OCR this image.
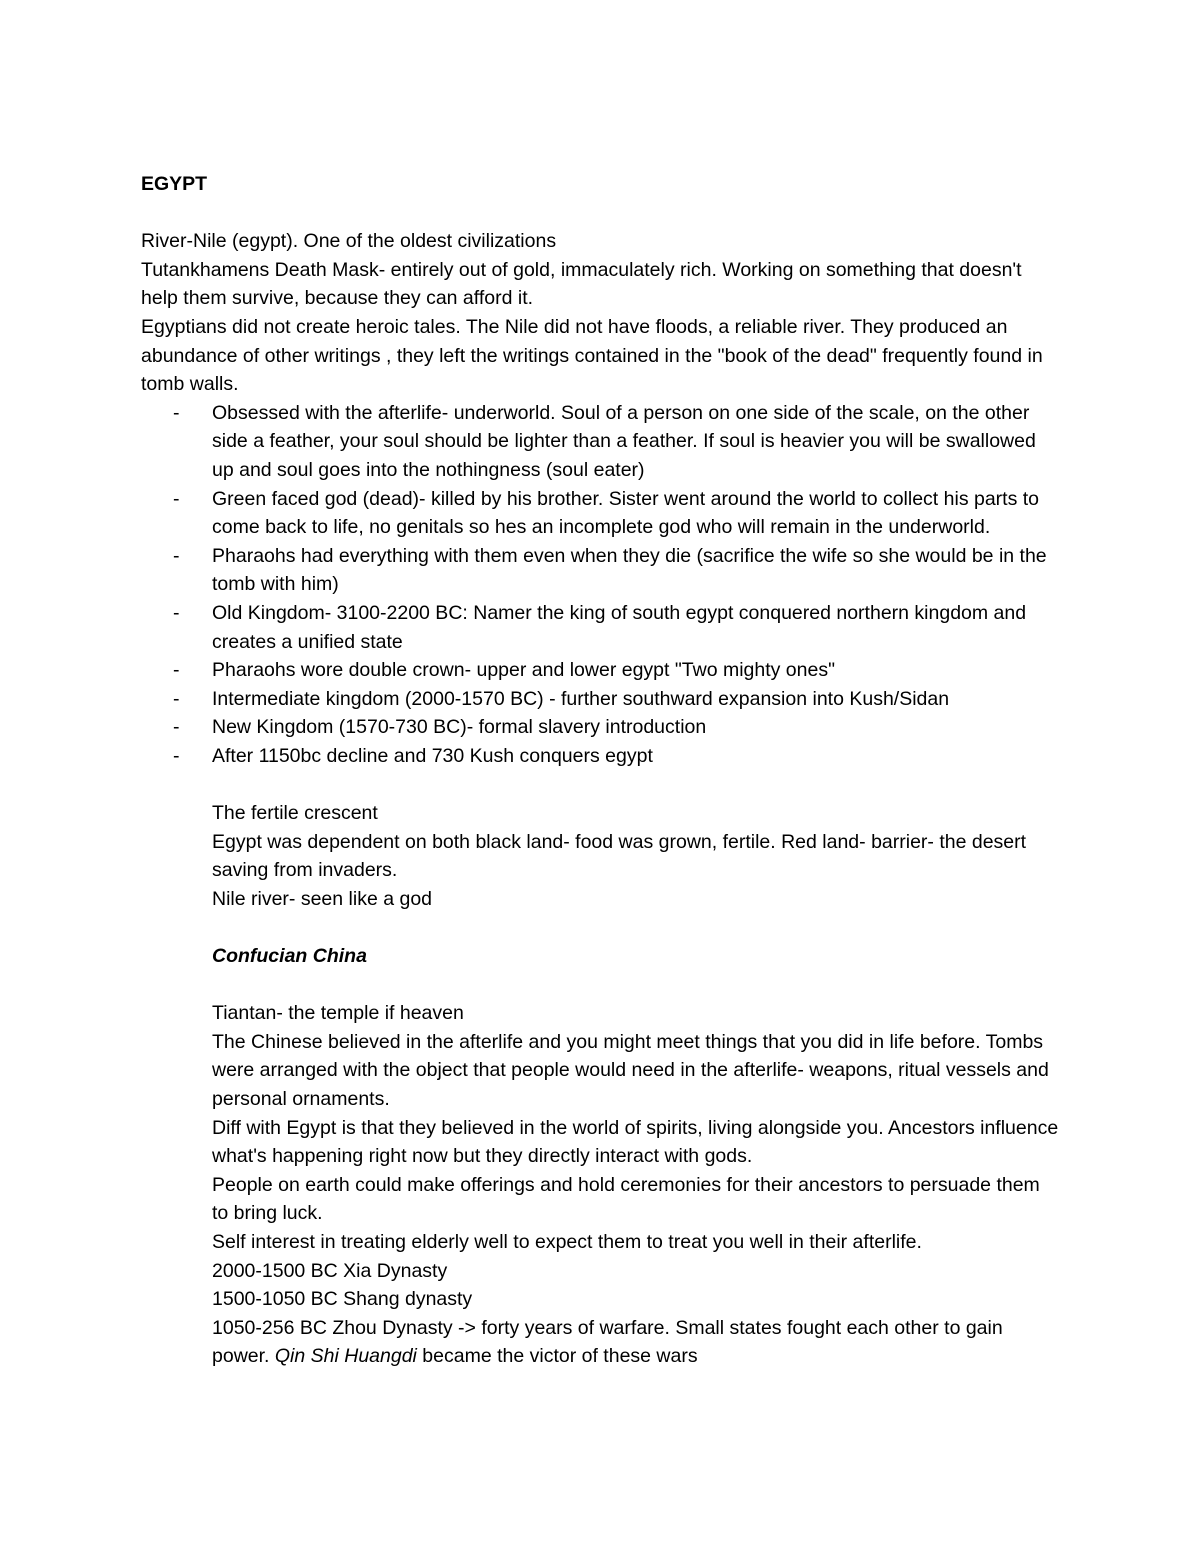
EGYPT

River-Nile (egypt). One of the oldest civilizations

Tutankhamens Death Mask- entirely out of gold, immaculately rich. Working on something that doesn't help them survive, because they can afford it.

Egyptians did not create heroic tales. The Nile did not have floods, a reliable river. They produced an abundance of other writings , they left the writings contained in the "book of the dead" frequently found in tomb walls.

- Obsessed with the afterlife- underworld. Soul of a person on one side of the scale, on the other side a feather, your soul should be lighter than a feather. If soul is heavier you will be swallowed up and soul goes into the nothingness (soul eater)
- Green faced god (dead)- killed by his brother. Sister went around the world to collect his parts to come back to life, no genitals so hes an incomplete god who will remain in the underworld.
- Pharaohs had everything with them even when they die (sacrifice the wife so she would be in the tomb with him)
- Old Kingdom- 3100-2200 BC: Namer the king of south egypt conquered northern kingdom and creates a unified state
- Pharaohs wore double crown- upper and lower egypt "Two mighty ones"
- Intermediate kingdom (2000-1570 BC) - further southward expansion into Kush/Sidan
- New Kingdom (1570-730 BC)- formal slavery introduction
- After 1150bc decline and 730 Kush conquers egypt

The fertile crescent

Egypt was dependent on both black land- food was grown, fertile. Red land- barrier- the desert saving from invaders.

Nile river- seen like a god

Confucian China

Tiantan- the temple if heaven

The Chinese believed in the afterlife and you might meet things that you did in life before. Tombs were arranged with the object that people would need in the afterlife- weapons, ritual vessels and personal ornaments.

Diff with Egypt is that they believed in the world of spirits, living alongside you. Ancestors influence what's happening right now but they directly interact with gods.

People on earth could make offerings and hold ceremonies for their ancestors to persuade them to bring luck.

Self interest in treating elderly well to expect them to treat you well in their afterlife.

2000-1500 BC Xia Dynasty

1500-1050 BC Shang dynasty

1050-256 BC Zhou Dynasty -> forty years of warfare. Small states fought each other to gain power. Qin Shi Huangdi became the victor of these wars
